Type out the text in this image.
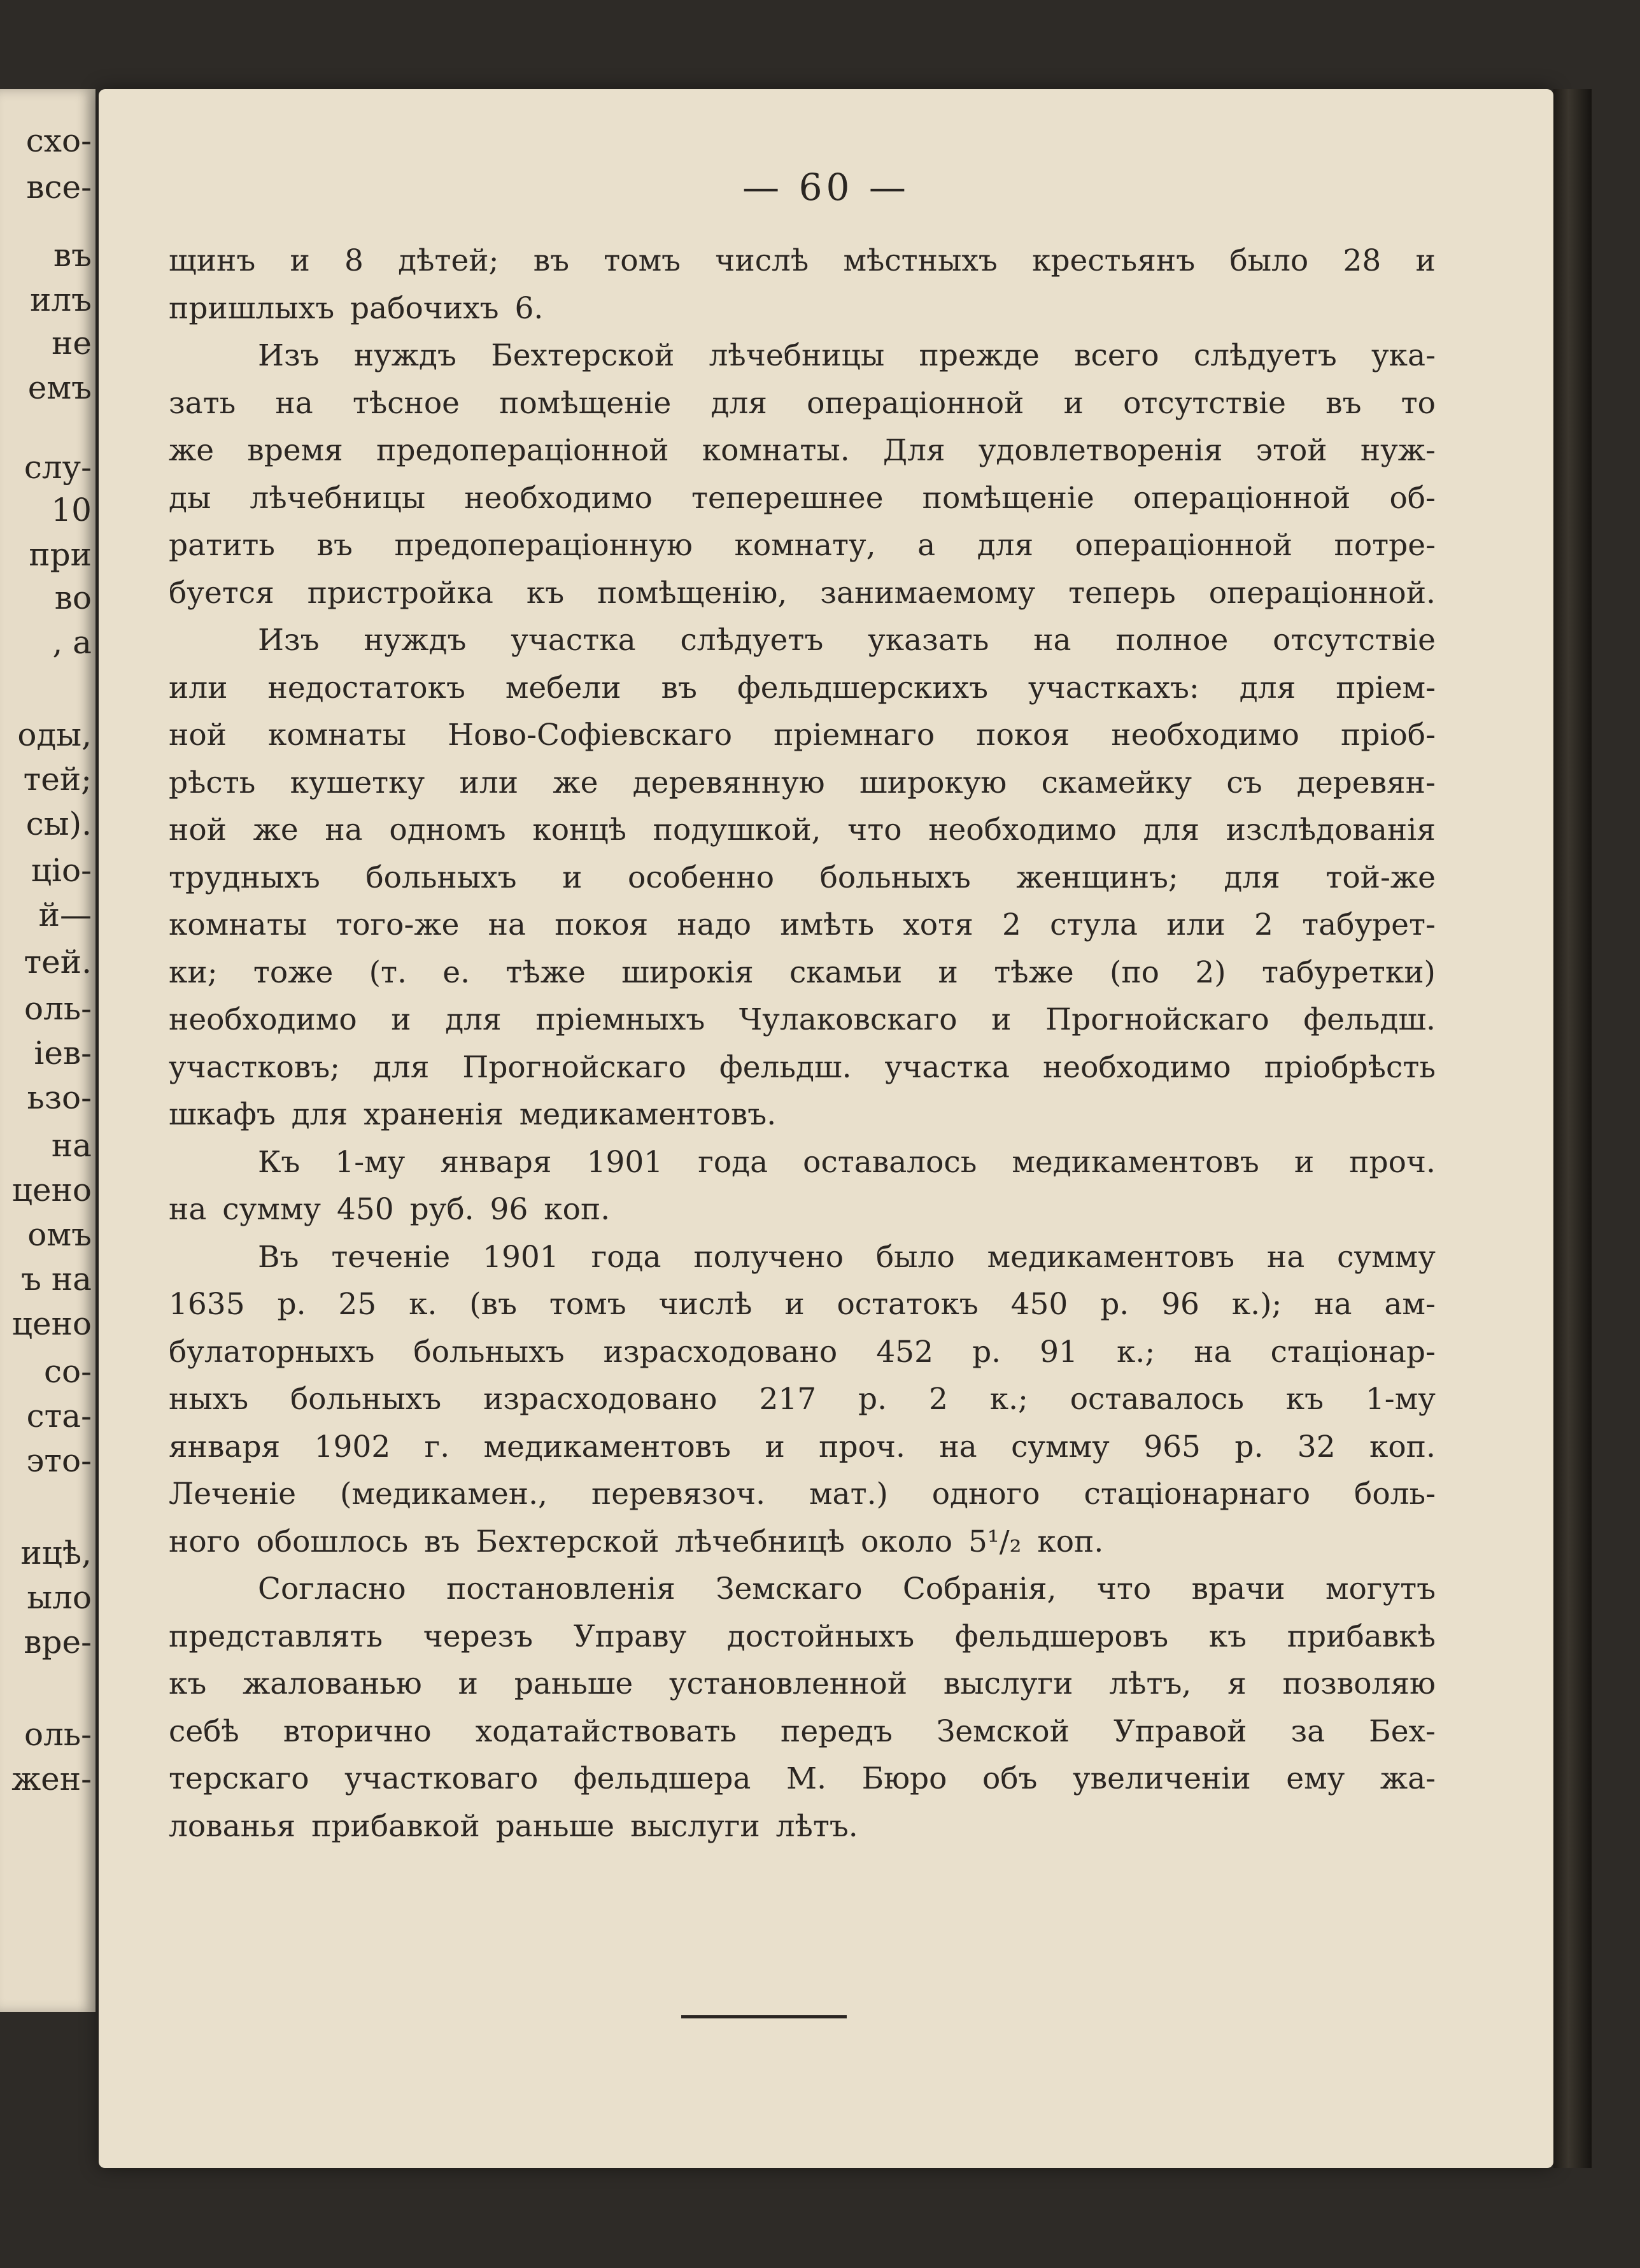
схо-
все-
въ
илъ
не
емъ
слу-
10
при
во
, а
оды,
тей;
сы).
ціо-
й—
тей.
оль-
іев-
ьзо-
на
цено
омъ
ъ на
цено
со-
ста-
это-
ицѣ,
ыло
вре-
оль-
жен-
— 60 —
щинъ и 8 дѣтей; въ томъ числѣ мѣстныхъ крестьянъ было 28 и
пришлыхъ рабочихъ 6.
Изъ нуждъ Бехтерской лѣчебницы прежде всего слѣдуетъ ука-
зать на тѣсное помѣщеніе для операціонной и отсутствіе въ то
же время предоперацiонной комнаты. Для удовлетворенія этой нуж-
ды лѣчебницы необходимо теперешнее помѣщеніе операціонной об-
ратить въ предоперацiонную комнату, а для операціонной потре-
буется пристройка къ помѣщенію, занимаемому теперь операціонной.
Изъ нуждъ участка слѣдуетъ указать на полное отсутствіе
или недостатокъ мебели въ фельдшерскихъ участкахъ: для пріем-
ной комнаты Ново-Софіевскаго пріемнаго покоя необходимо пріоб-
рѣсть кушетку или же деревянную широкую скамейку съ деревян-
ной же на одномъ концѣ подушкой, что необходимо для изслѣдованія
трудныхъ больныхъ и особенно больныхъ женщинъ; для той-же
комнаты того-же на покоя надо имѣть хотя 2 стула или 2 табурет-
ки; тоже (т. е. тѣже широкія скамьи и тѣже (по 2) табуретки)
необходимо и для пріемныхъ Чулаковскаго и Прогнойскаго фельдш.
участковъ; для Прогнойскаго фельдш. участка необходимо пріобрѣсть
шкафъ для храненія медикаментовъ.
Къ 1-му января 1901 года оставалось медикаментовъ и проч.
на сумму 450 руб. 96 коп.
Въ теченіе 1901 года получено было медикаментовъ на сумму
1635 р. 25 к. (въ томъ числѣ и остатокъ 450 р. 96 к.); на ам-
булаторныхъ больныхъ израсходовано 452 р. 91 к.; на стаціонар-
ныхъ больныхъ израсходовано 217 р. 2 к.; оставалось къ 1-му
января 1902 г. медикаментовъ и проч. на сумму 965 р. 32 коп.
Леченіе (медикамен., перевязоч. мат.) одного стаціонарнаго боль-
ного обошлось въ Бехтерской лѣчебницѣ около 5¹/₂ коп.
Согласно постановленія Земскаго Собранія, что врачи могутъ
представлять черезъ Управу достойныхъ фельдшеровъ къ прибавкѣ
къ жалованью и раньше установленной выслуги лѣтъ, я позволяю
себѣ вторично ходатайствовать передъ Земской Управой за Бех-
терскаго участковаго фельдшера М. Бюро объ увеличеніи ему жа-
лованья прибавкой раньше выслуги лѣтъ.
